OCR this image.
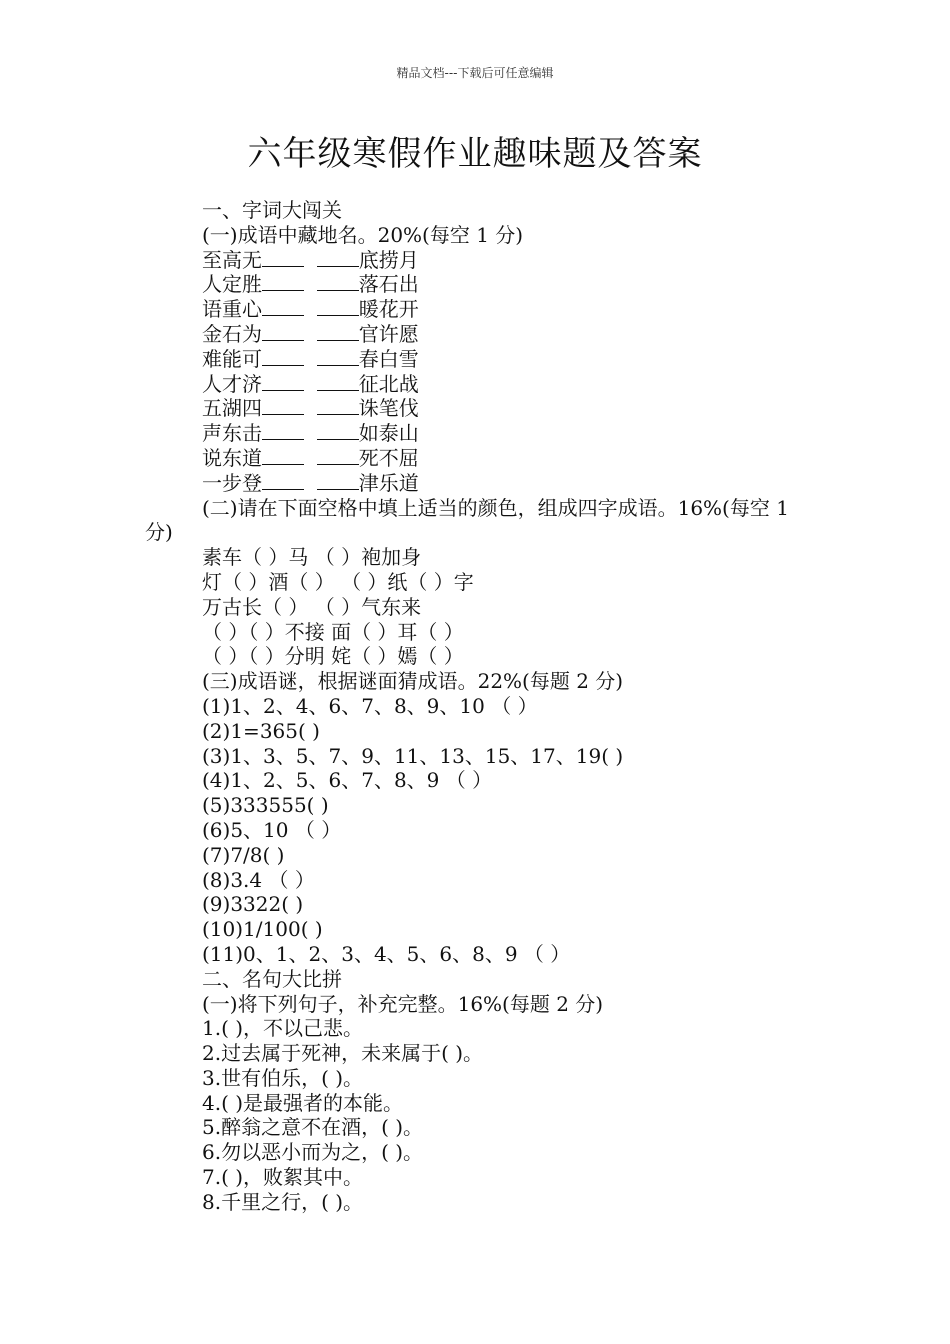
精品文档---下载后可任意编辑
六年级寒假作业趣味题及答案
一、字词大闯关
(一)成语中藏地名。20%(每空 1 分)
至高无	底捞月
人定胜	落石出
语重心	暖花开
金石为	官许愿
难能可	春白雪
人才济	征北战
五湖四	诛笔伐
声东击	如泰山
说东道	死不屈
一步登	津乐道
(二)请在下面空格中填上适当的颜色，组成四字成语。16%(每空 1 分)
素车（ ）马 （ ）袍加身
灯（ ）酒（ ） （ ）纸（ ）字
万古长（ ） （ ）气东来
（ ）（ ）不接 面（ ）耳（ ）
（ ）（ ）分明 姹（ ）嫣（ ）
(三)成语谜，根据谜面猜成语。22%(每题 2 分)
(1)1、2、4、6、7、8、9、10 （ ）
(2)1=365( )
(3)1、3、5、7、9、11、13、15、17、19( )
(4)1、2、5、6、7、8、9 （ ）
(5)333555( )
(6)5、10 （ ）
(7)7/8( )
(8)3.4 （ ）
(9)3322( )
(10)1/100( )
(11)0、1、2、3、4、5、6、8、9 （ ）
二、名句大比拼
(一)将下列句子，补充完整。16%(每题 2 分)
1.( )，不以己悲。
2.过去属于死神，未来属于( )。
3.世有伯乐，( )。
4.( )是最强者的本能。
5.醉翁之意不在酒，( )。
6.勿以恶小而为之，( )。
7.( )，败絮其中。
8.千里之行，( )。
